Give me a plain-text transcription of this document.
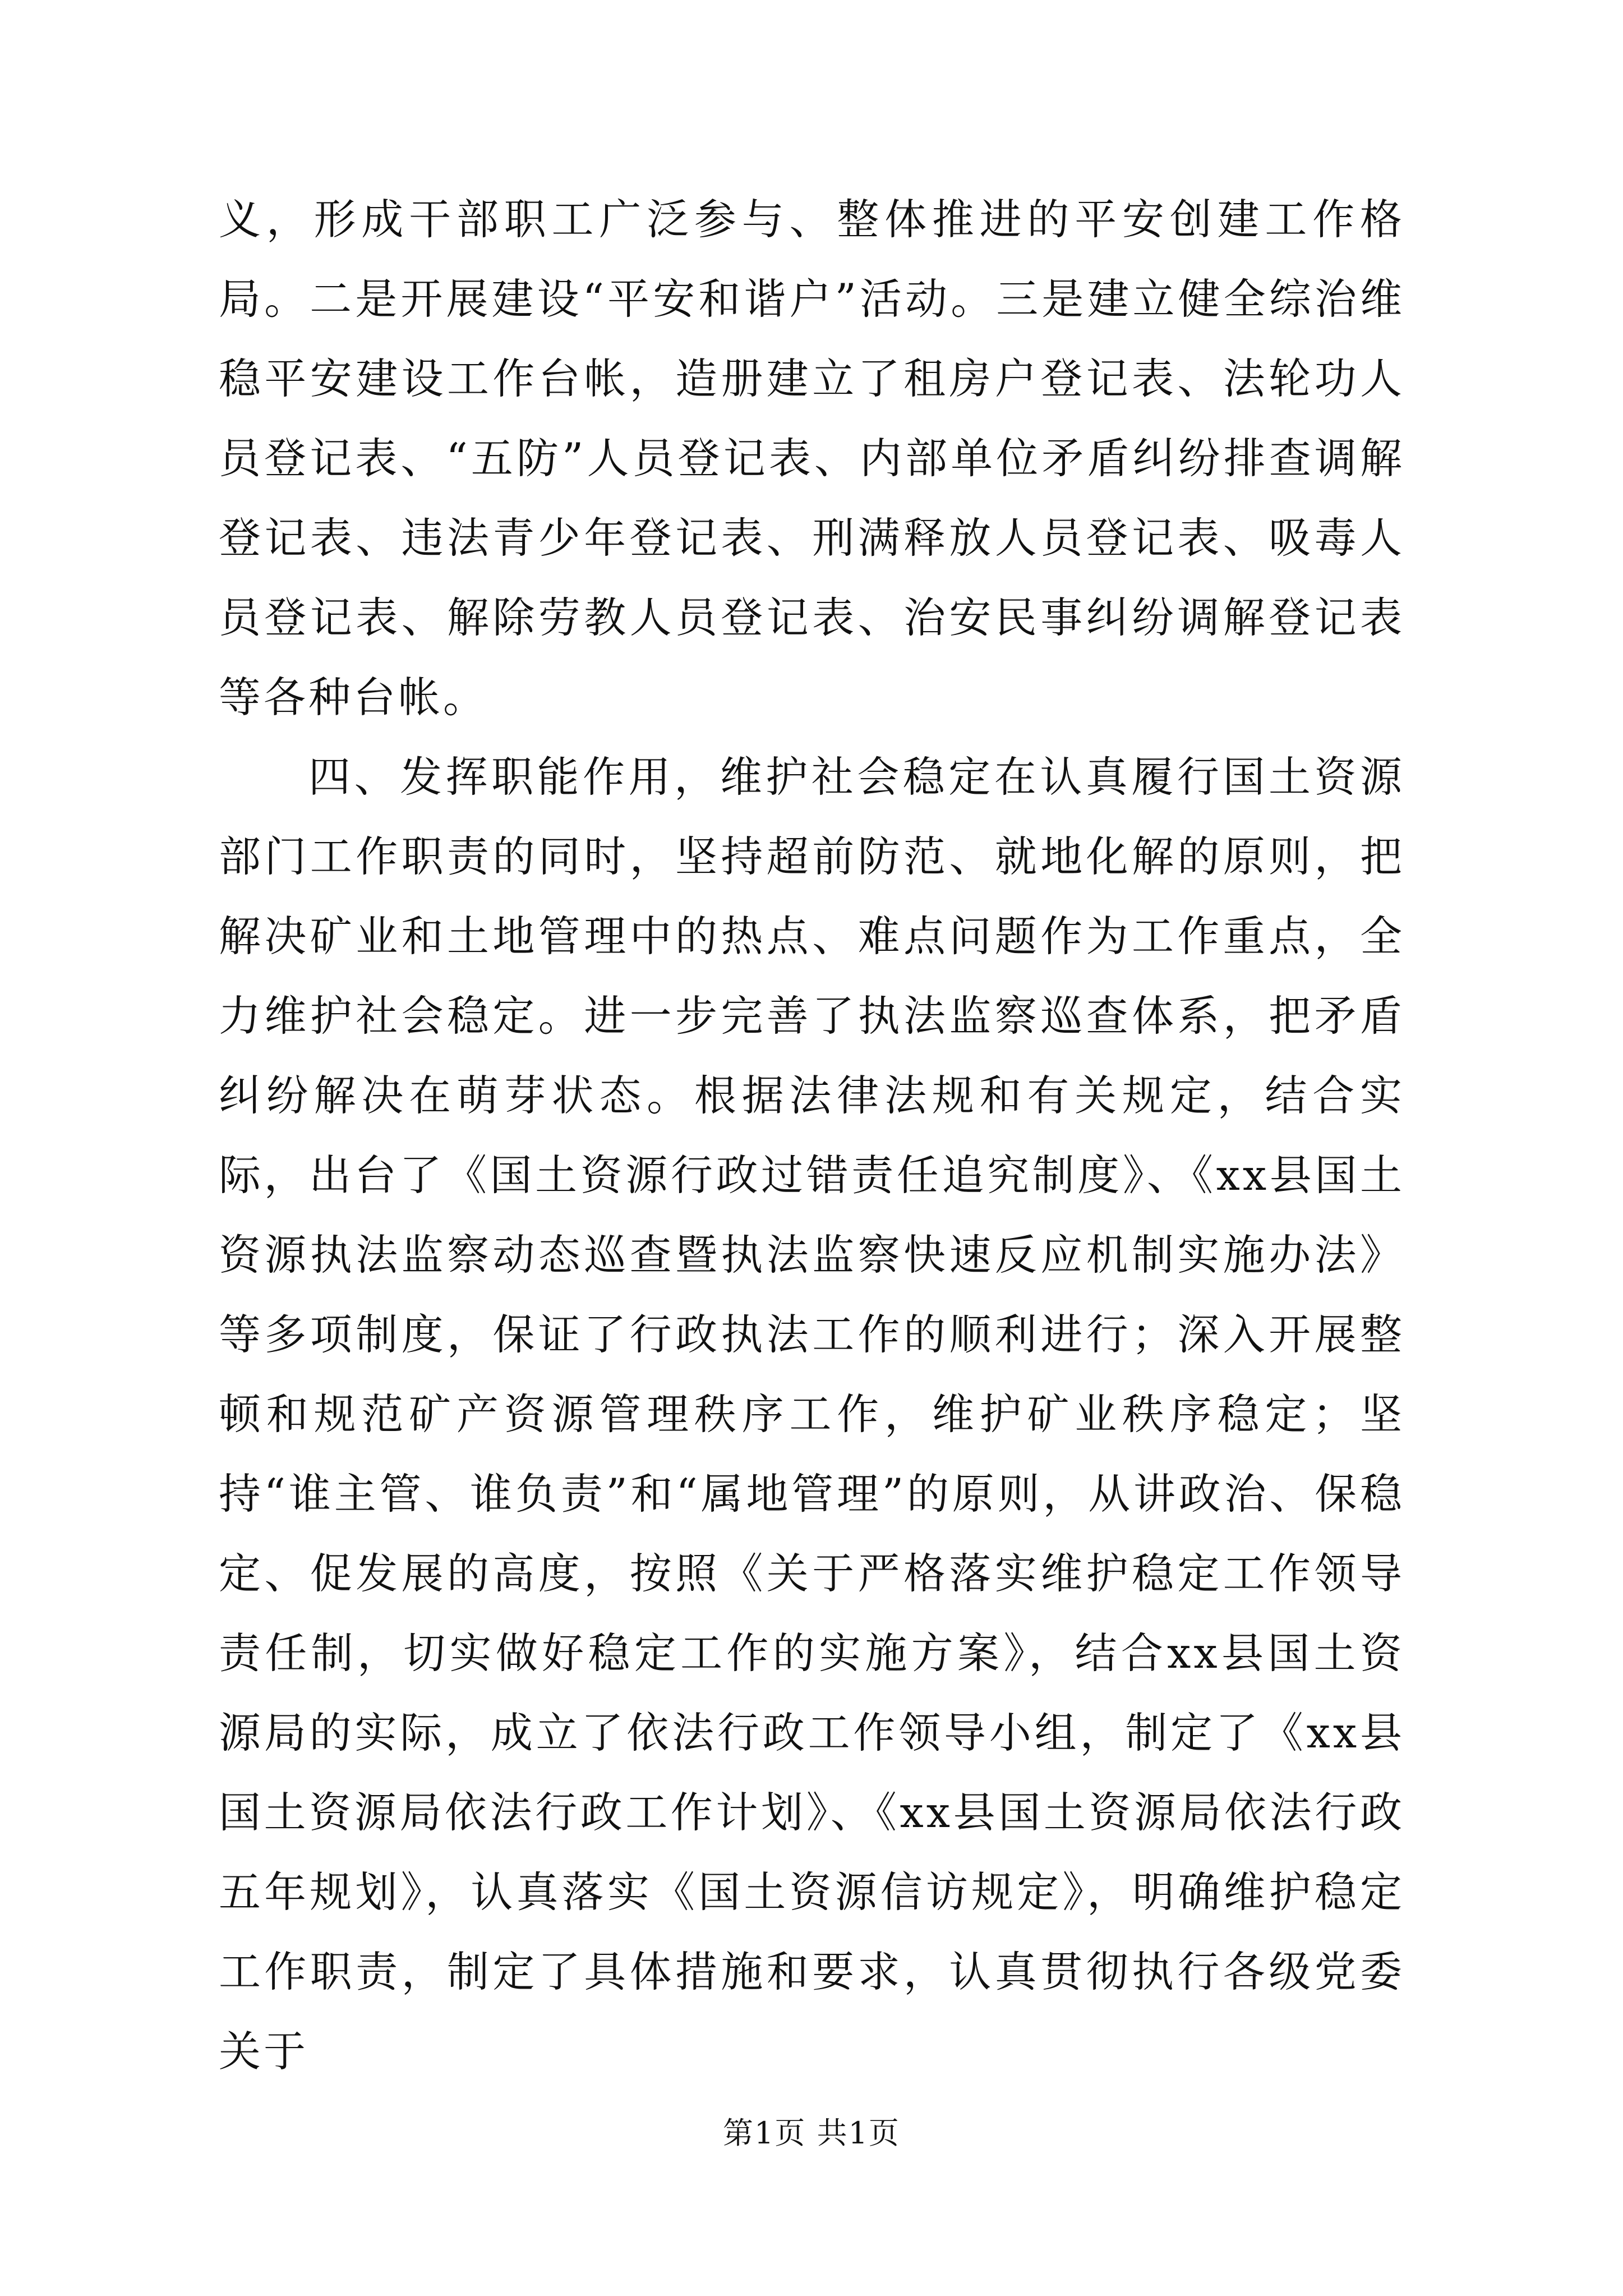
义，形成干部职工广泛参与、整体推进的平安创建工作格局。二是开展建设“平安和谐户”活动。三是建立健全综治维稳平安建设工作台帐，造册建立了租房户登记表、法轮功人员登记表、“五防”人员登记表、内部单位矛盾纠纷排查调解登记表、违法青少年登记表、刑满释放人员登记表、吸毒人员登记表、解除劳教人员登记表、治安民事纠纷调解登记表等各种台帐。

四、发挥职能作用，维护社会稳定在认真履行国土资源部门工作职责的同时，坚持超前防范、就地化解的原则，把解决矿业和土地管理中的热点、难点问题作为工作重点，全力维护社会稳定。进一步完善了执法监察巡查体系，把矛盾纠纷解决在萌芽状态。根据法律法规和有关规定，结合实际，出台了《国土资源行政过错责任追究制度》、《xx县国土资源执法监察动态巡查暨执法监察快速反应机制实施办法》等多项制度，保证了行政执法工作的顺利进行；深入开展整顿和规范矿产资源管理秩序工作，维护矿业秩序稳定；坚持“谁主管、谁负责”和“属地管理”的原则，从讲政治、保稳定、促发展的高度，按照《关于严格落实维护稳定工作领导责任制，切实做好稳定工作的实施方案》，结合xx县国土资源局的实际，成立了依法行政工作领导小组，制定了《xx县国土资源局依法行政工作计划》、《xx县国土资源局依法行政五年规划》，认真落实《国土资源信访规定》，明确维护稳定工作职责，制定了具体措施和要求，认真贯彻执行各级党委关于

第1页 共1页
